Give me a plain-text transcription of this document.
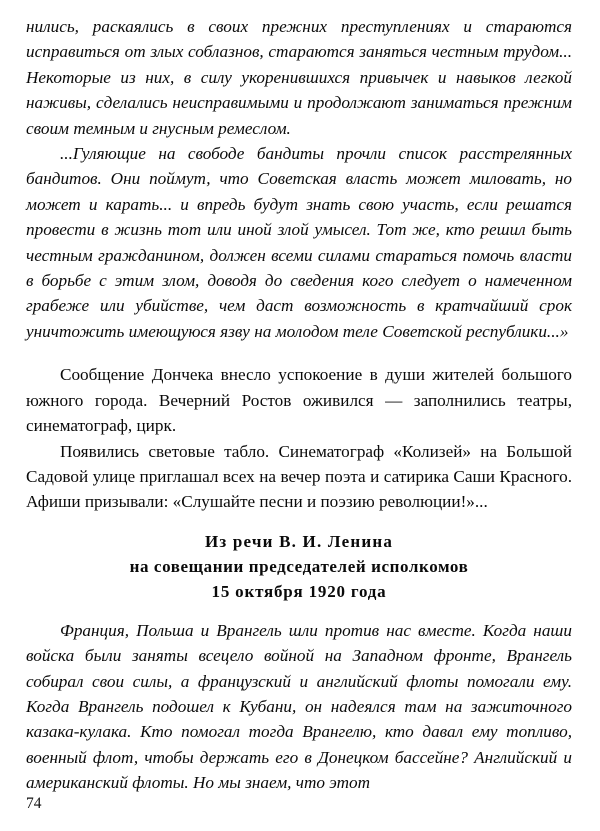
нились, раскаялись в своих прежних преступлениях и стараются исправиться от злых соблазнов, стараются заняться честным трудом... Некоторые из них, в силу укоренившихся привычек и навыков легкой наживы, сделались неисправимыми и продолжают заниматься прежним своим темным и гнусным ремеслом.

...Гуляющие на свободе бандиты прочли список расстрелянных бандитов. Они поймут, что Советская власть может миловать, но может и карать... и впредь будут знать свою участь, если решатся провести в жизнь тот или иной злой умысел. Тот же, кто решил быть честным гражданином, должен всеми силами стараться помочь власти в борьбе с этим злом, доводя до сведения кого следует о намеченном грабеже или убийстве, чем даст возможность в кратчайший срок уничтожить имеющуюся язву на молодом теле Советской республики...»

Сообщение Дончека внесло успокоение в души жителей большого южного города. Вечерний Ростов оживился — заполнились театры, синематограф, цирк.

Появились световые табло. Синематограф «Колизей» на Большой Садовой улице приглашал всех на вечер поэта и сатирика Саши Красного. Афиши призывали: «Слушайте песни и поэзию революции!»...

Из речи В. И. Ленина
на совещании председателей исполкомов
15 октября 1920 года

Франция, Польша и Врангель шли против нас вместе. Когда наши войска были заняты всецело войной на Западном фронте, Врангель собирал свои силы, а французский и английский флоты помогали ему. Когда Врангель подошел к Кубани, он надеялся там на зажиточного казака-кулака. Кто помогал тогда Врангелю, кто давал ему топливо, военный флот, чтобы держать его в Донецком бассейне? Английский и американский флоты. Но мы знаем, что этот

74
